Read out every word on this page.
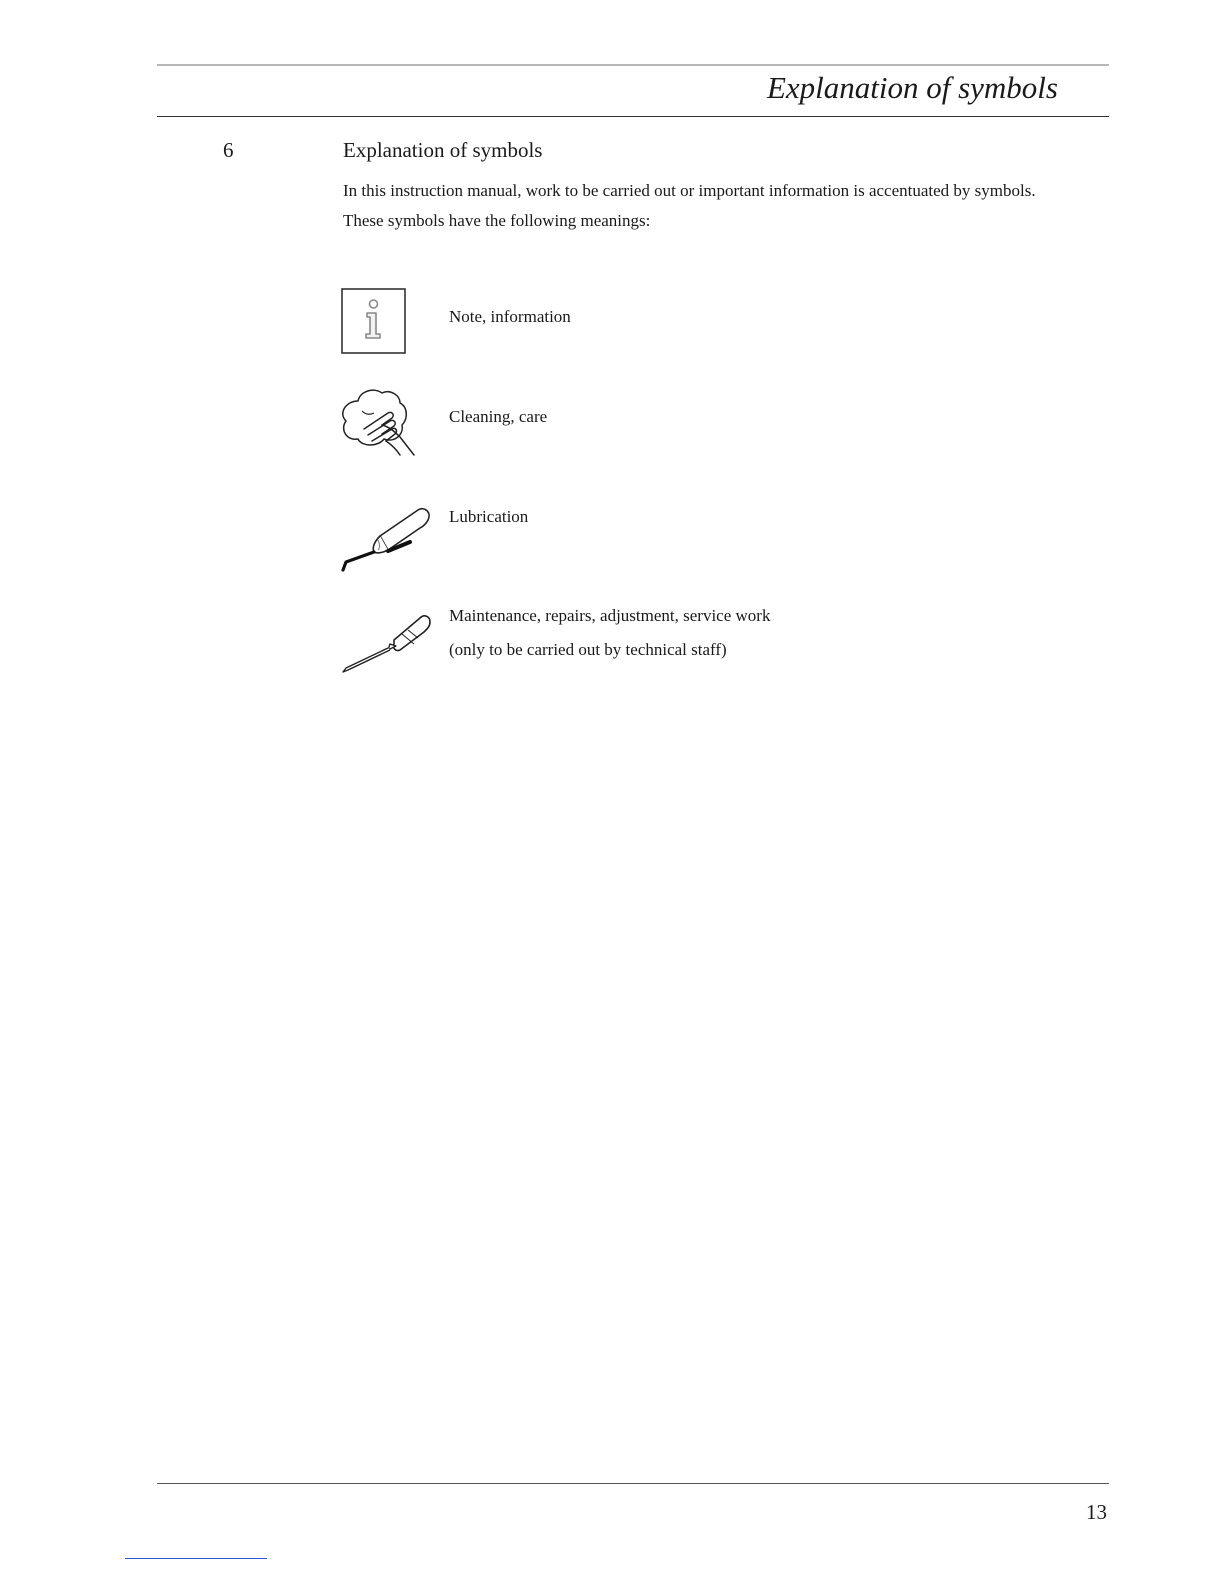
Explanation of symbols
6	Explanation of symbols

In this instruction manual, work to be carried out or important information is accentuated by symbols. These symbols have the following meanings:

Note, information
Cleaning, care
Lubrication
Maintenance, repairs, adjustment, service work
(only to be carried out by technical staff)
13
